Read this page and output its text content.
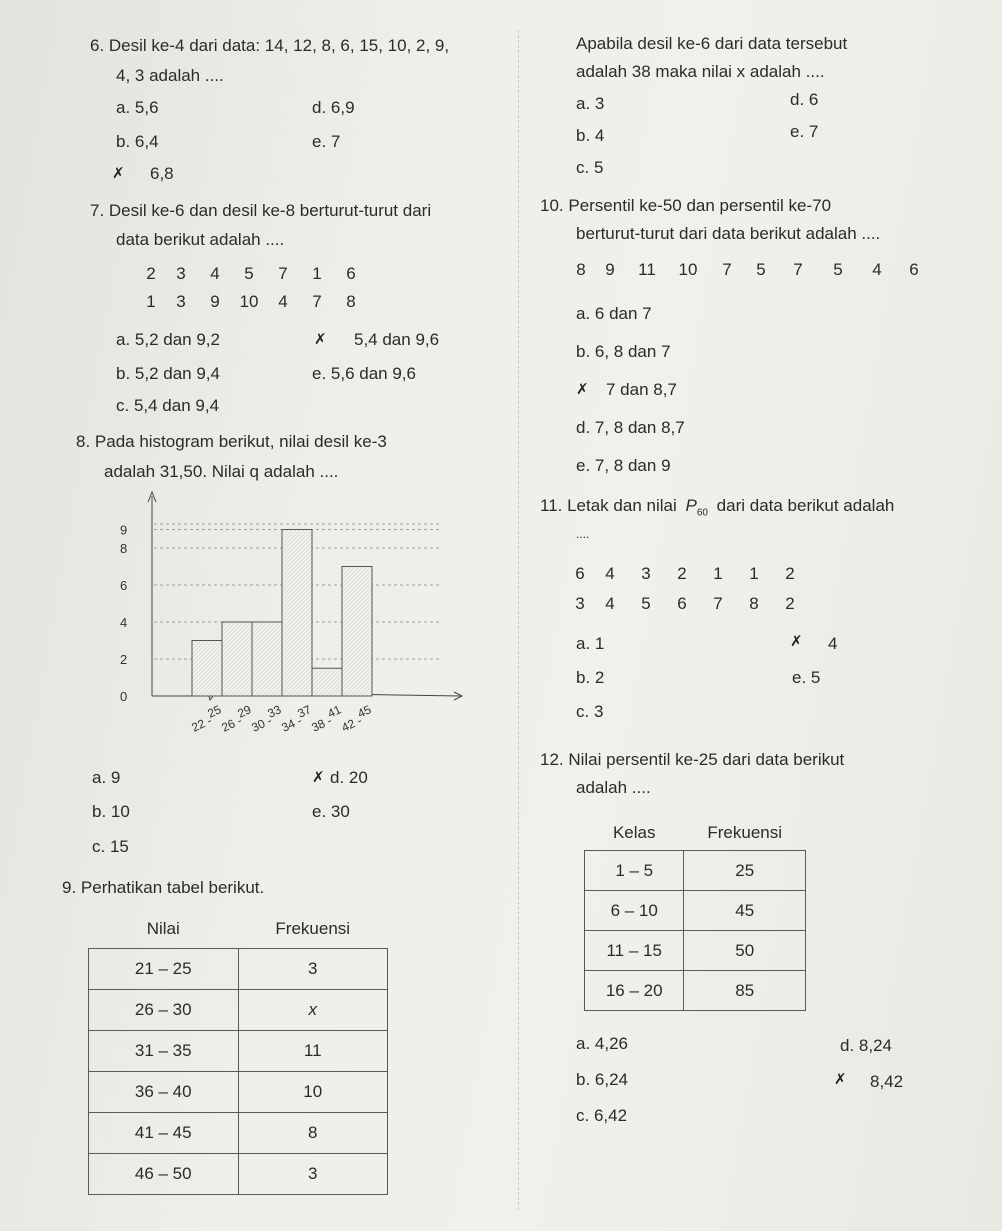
6. Desil ke-4 dari data: 14, 12, 8, 6, 15, 10, 2, 9,
4, 3 adalah ....
a. 5,6	d. 6,9
b. 6,4	e. 7
✗ 6,8
7. Desil ke-6 dan desil ke-8 berturut-turut dari
data berikut adalah ....
2	3	4	5	7	1	6
1	3	9	10	4	7	8
a. 5,2 dan 9,2	✗ 5,4 dan 9,6
b. 5,2 dan 9,4	e. 5,6 dan 9,6
c. 5,4 dan 9,4
8. Pada histogram berikut, nilai desil ke-3
adalah 31,50. Nilai q adalah ....
0
2
4
6
8
9
22 -
25
26 -
29
30 -
33
34 -
37
38 -
41
42 -
45
a. 9	✗ d. 20
b. 10	e. 30
c. 15
9. Perhatikan tabel berikut.
Nilai	Frekuensi
21 – 25	3
26 – 30	x
31 – 35	11
36 – 40	10
41 – 45	8
46 – 50	3
Apabila desil ke-6 dari data tersebut
adalah 38 maka nilai x adalah ....
a. 3	d. 6
b. 4	e. 7
c. 5
10. Persentil ke-50 dan persentil ke-70
berturut-turut dari data berikut adalah ....
8	9	11	10	7	5	7	5	4	6
a. 6 dan 7
b. 6, 8 dan 7
✗ 7 dan 8,7
d. 7, 8 dan 8,7
e. 7, 8 dan 9
11. Letak dan nilai $P_{60}$ dari data berikut adalah
....
6	4	3	2	1	1	2
3	4	5	6	7	8	2
a. 1	✗ 4
b. 2	e. 5
c. 3
12. Nilai persentil ke-25 dari data berikut
adalah ....
Kelas	Frekuensi
1 – 5	25
6 – 10	45
11 – 15	50
16 – 20	85
a. 4,26	d. 8,24
b. 6,24	✗ 8,42
c. 6,42
